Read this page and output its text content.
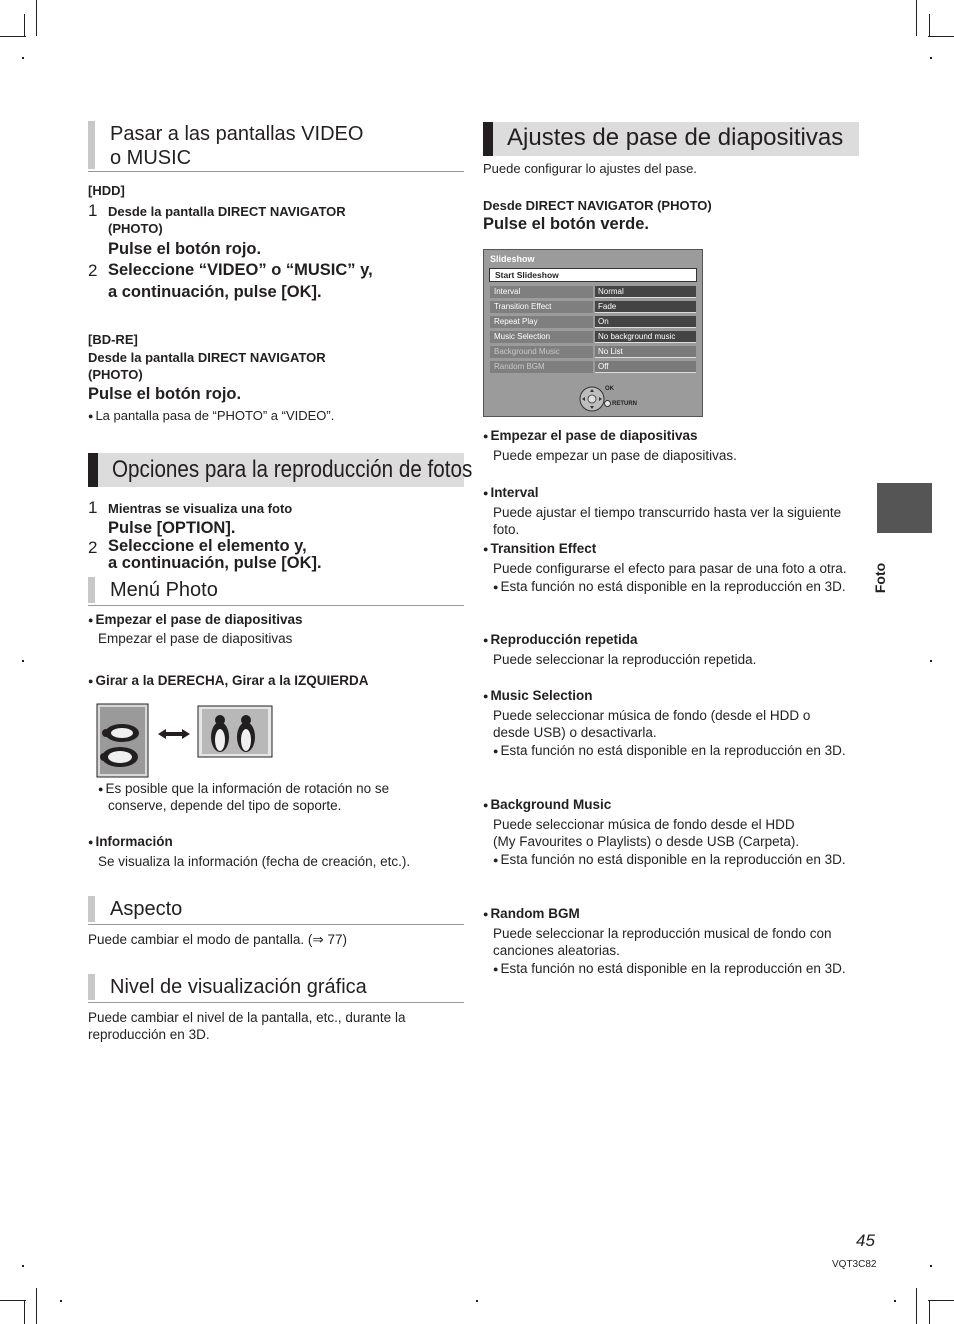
Pasar a las pantallas VIDEO
o MUSIC
[HDD]
1 Desde la pantalla DIRECT NAVIGATOR
(PHOTO)
Pulse el botón rojo.
2 Seleccione “VIDEO” o “MUSIC” y,
a continuación, pulse [OK].
[BD-RE]
Desde la pantalla DIRECT NAVIGATOR
(PHOTO)
Pulse el botón rojo.
● La pantalla pasa de “PHOTO” a “VIDEO”.
Opciones para la reproducción de fotos
1 Mientras se visualiza una foto
Pulse [OPTION].
2 Seleccione el elemento y,
a continuación, pulse [OK].
Menú Photo
● Empezar el pase de diapositivas
Empezar el pase de diapositivas
● Girar a la DERECHA, Girar a la IZQUIERDA
● Es posible que la información de rotación no se
conserve, depende del tipo de soporte.
● Información
Se visualiza la información (fecha de creación, etc.).
Aspecto
Puede cambiar el modo de pantalla. (⇒ 77)
Nivel de visualización gráfica
Puede cambiar el nivel de la pantalla, etc., durante la
reproducción en 3D.
Ajustes de pase de diapositivas
Puede configurar lo ajustes del pase.
Desde DIRECT NAVIGATOR (PHOTO)
Pulse el botón verde.
Slideshow
Start Slideshow
Interval	Normal
Transition Effect	Fade
Repeat Play	On
Music Selection	No background music
Background Music	No List
Random BGM	Off
OK
RETURN
● Empezar el pase de diapositivas
Puede empezar un pase de diapositivas.
● Interval
Puede ajustar el tiempo transcurrido hasta ver la siguiente
foto.
● Transition Effect
Puede configurarse el efecto para pasar de una foto a otra.
● Esta función no está disponible en la reproducción en 3D.
● Reproducción repetida
Puede seleccionar la reproducción repetida.
● Music Selection
Puede seleccionar música de fondo (desde el HDD o
desde USB) o desactivarla.
● Esta función no está disponible en la reproducción en 3D.
● Background Music
Puede seleccionar música de fondo desde el HDD
(My Favourites o Playlists) o desde USB (Carpeta).
● Esta función no está disponible en la reproducción en 3D.
● Random BGM
Puede seleccionar la reproducción musical de fondo con
canciones aleatorias.
● Esta función no está disponible en la reproducción en 3D.
Foto
45
VQT3C82
